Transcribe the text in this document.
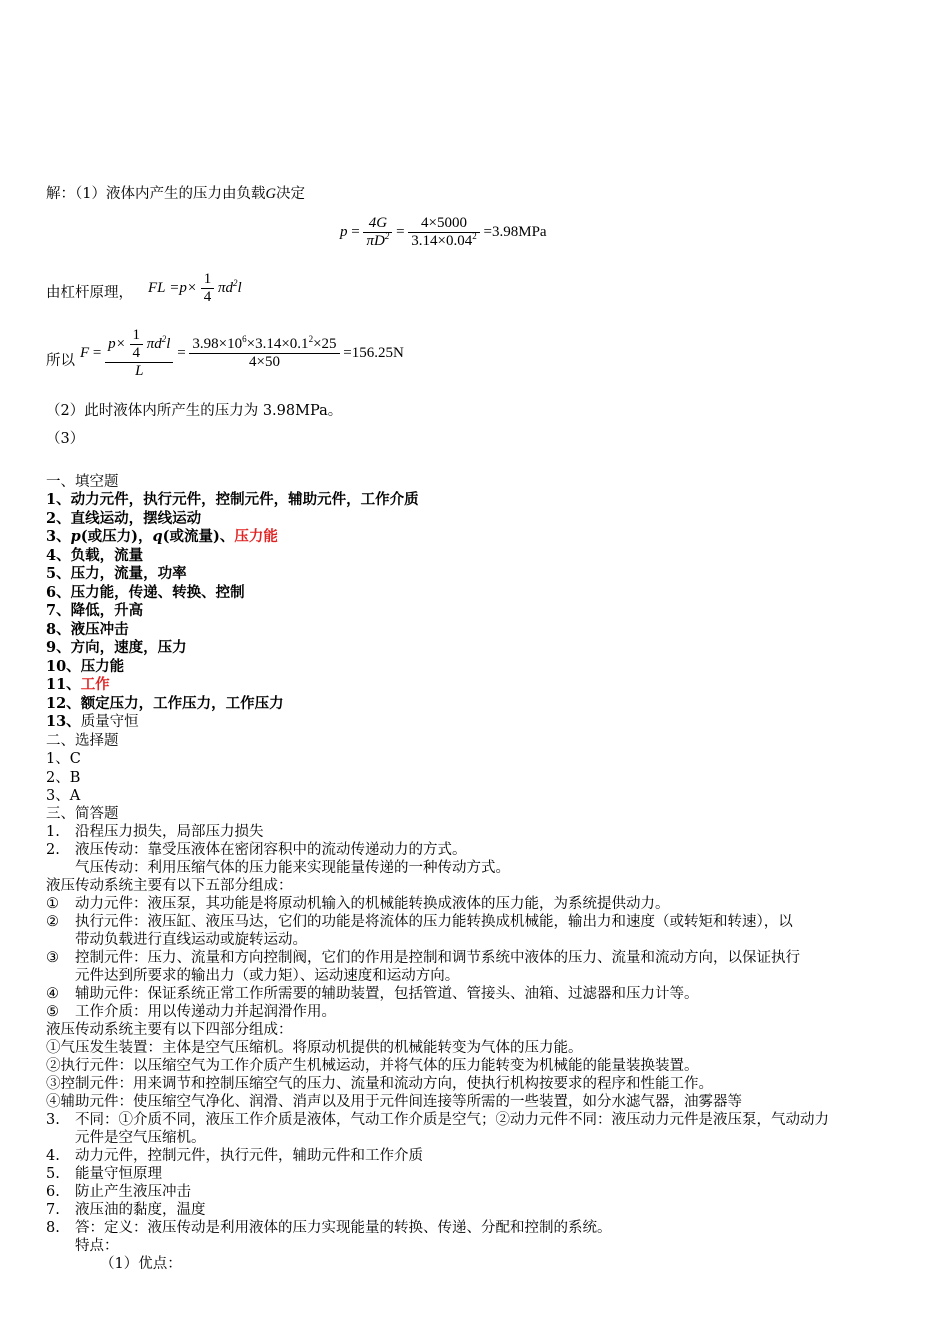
解：（1）液体内产生的压力由负载G决定
$p = \frac{4G}{\pi D^2} = \frac{4\times 5000}{3.14\times 0.04^2} =3.98MPa$
由杠杆原理， FL $=p\times \frac{1}{4} \pi d^2l$
所以
$F = \frac{p\times \frac{1}{4} \pi d^2l}{L} = \frac{3.98\times 10^6\times 3.14\times 0.1^2\times 25}{4\times 50} =156.25N$
（2）此时液体内所产生的压力为 3.98MPa。
（3）
一、填空题
1、动力元件，执行元件，控制元件，辅助元件，工作介质
2、直线运动，摆线运动
3、p(或压力)，q(或流量)、压力能
4、负载，流量
5、压力，流量，功率
6、压力能，传递、转换、控制
7、降低，升高
8、液压冲击
9、方向，速度，压力
10、压力能
11、工作
12、额定压力，工作压力，工作压力
13、质量守恒
二、选择题
1、C
2、B
3、A
三、简答题
1. 沿程压力损失，局部压力损失
2. 液压传动：靠受压液体在密闭容积中的流动传递动力的方式。
气压传动：利用压缩气体的压力能来实现能量传递的一种传动方式。
液压传动系统主要有以下五部分组成：
① 动力元件：液压泵，其功能是将原动机输入的机械能转换成液体的压力能，为系统提供动力。
② 执行元件：液压缸、液压马达，它们的功能是将流体的压力能转换成机械能，输出力和速度（或转矩和转速），以
带动负载进行直线运动或旋转运动。
③ 控制元件：压力、流量和方向控制阀，它们的作用是控制和调节系统中液体的压力、流量和流动方向，以保证执行
元件达到所要求的输出力（或力矩）、运动速度和运动方向。
④ 辅助元件：保证系统正常工作所需要的辅助装置，包括管道、管接头、油箱、过滤器和压力计等。
⑤ 工作介质：用以传递动力并起润滑作用。
液压传动系统主要有以下四部分组成：
①气压发生装置：主体是空气压缩机。将原动机提供的机械能转变为气体的压力能。
②执行元件：以压缩空气为工作介质产生机械运动，并将气体的压力能转变为机械能的能量装换装置。
③控制元件：用来调节和控制压缩空气的压力、流量和流动方向，使执行机构按要求的程序和性能工作。
④辅助元件：使压缩空气净化、润滑、消声以及用于元件间连接等所需的一些装置，如分水滤气器，油雾器等
3. 不同：①介质不同，液压工作介质是液体，气动工作介质是空气；②动力元件不同：液压动力元件是液压泵，气动动力
元件是空气压缩机。
4. 动力元件，控制元件，执行元件，辅助元件和工作介质
5. 能量守恒原理
6. 防止产生液压冲击
7. 液压油的黏度，温度
8. 答：定义：液压传动是利用液体的压力实现能量的转换、传递、分配和控制的系统。
特点：
（1）优点：
